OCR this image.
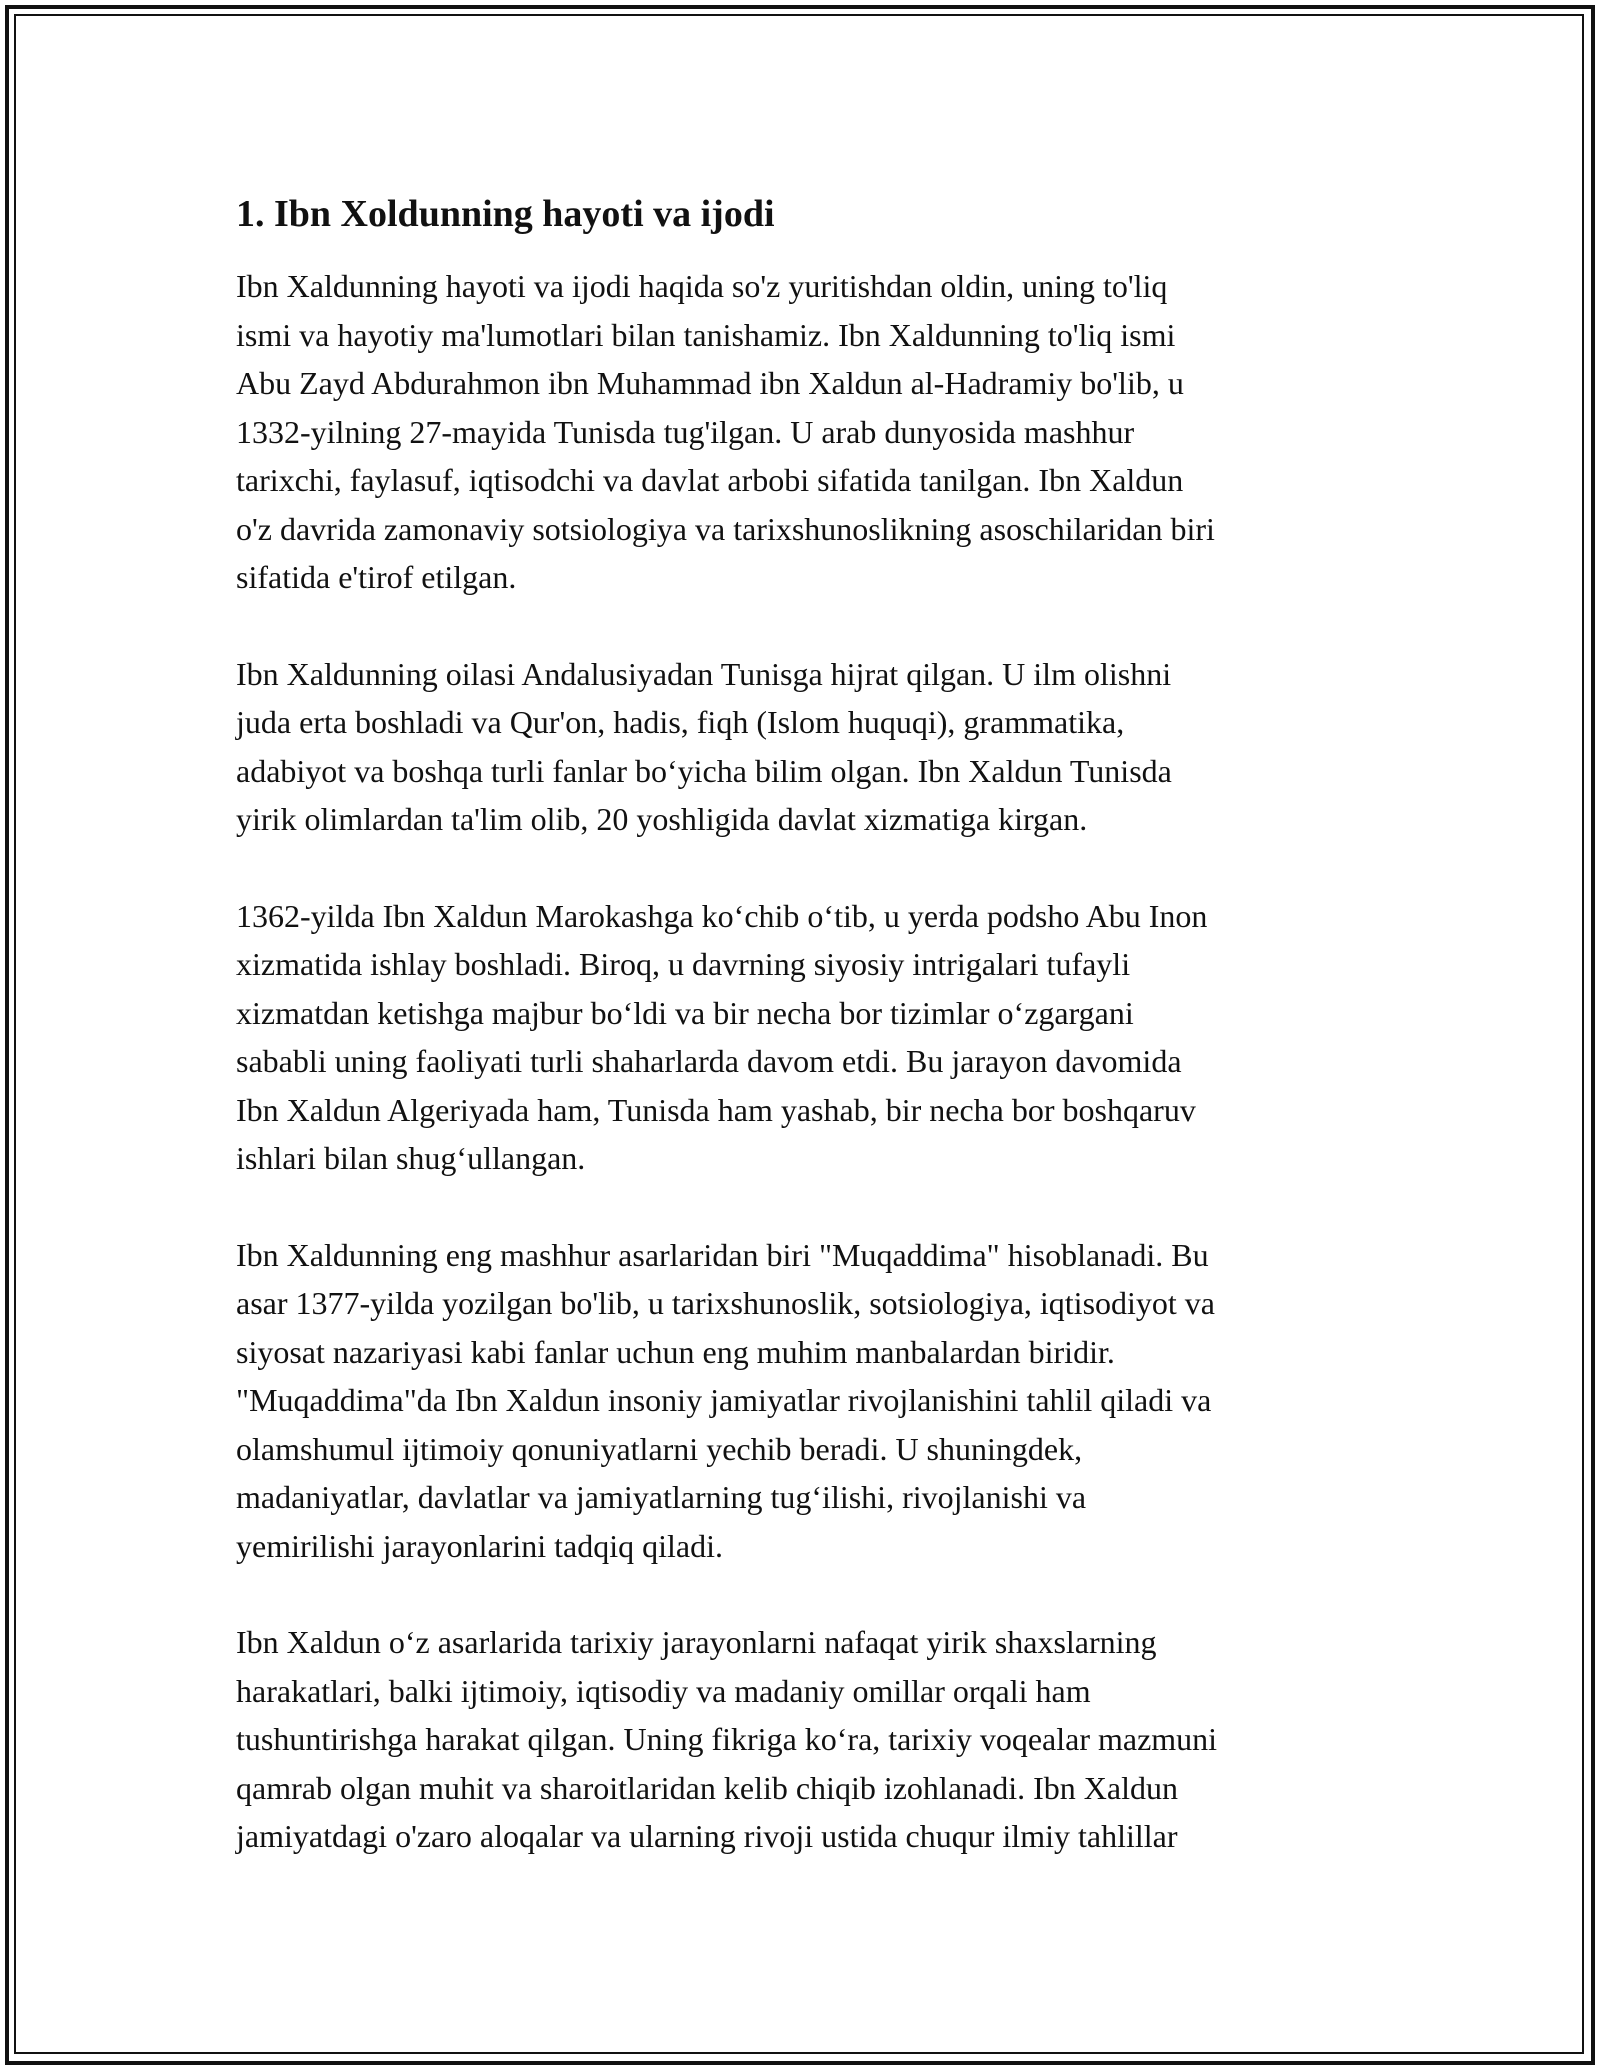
1. Ibn Xoldunning hayoti va ijodi

Ibn Xaldunning hayoti va ijodi haqida so'z yuritishdan oldin, uning to'liq
ismi va hayotiy ma'lumotlari bilan tanishamiz. Ibn Xaldunning to'liq ismi
Abu Zayd Abdurahmon ibn Muhammad ibn Xaldun al-Hadramiy bo'lib, u
1332-yilning 27-mayida Tunisda tug'ilgan. U arab dunyosida mashhur
tarixchi, faylasuf, iqtisodchi va davlat arbobi sifatida tanilgan. Ibn Xaldun
o'z davrida zamonaviy sotsiologiya va tarixshunoslikning asoschilaridan biri
sifatida e'tirof etilgan.

Ibn Xaldunning oilasi Andalusiyadan Tunisga hijrat qilgan. U ilm olishni
juda erta boshladi va Qur'on, hadis, fiqh (Islom huquqi), grammatika,
adabiyot va boshqa turli fanlar bo‘yicha bilim olgan. Ibn Xaldun Tunisda
yirik olimlardan ta'lim olib, 20 yoshligida davlat xizmatiga kirgan.

1362-yilda Ibn Xaldun Marokashga ko‘chib o‘tib, u yerda podsho Abu Inon
xizmatida ishlay boshladi. Biroq, u davrning siyosiy intrigalari tufayli
xizmatdan ketishga majbur bo‘ldi va bir necha bor tizimlar o‘zgargani
sababli uning faoliyati turli shaharlarda davom etdi. Bu jarayon davomida
Ibn Xaldun Algeriyada ham, Tunisda ham yashab, bir necha bor boshqaruv
ishlari bilan shug‘ullangan.

Ibn Xaldunning eng mashhur asarlaridan biri "Muqaddima" hisoblanadi. Bu
asar 1377-yilda yozilgan bo'lib, u tarixshunoslik, sotsiologiya, iqtisodiyot va
siyosat nazariyasi kabi fanlar uchun eng muhim manbalardan biridir.
"Muqaddima"da Ibn Xaldun insoniy jamiyatlar rivojlanishini tahlil qiladi va
olamshumul ijtimoiy qonuniyatlarni yechib beradi. U shuningdek,
madaniyatlar, davlatlar va jamiyatlarning tug‘ilishi, rivojlanishi va
yemirilishi jarayonlarini tadqiq qiladi.

Ibn Xaldun o‘z asarlarida tarixiy jarayonlarni nafaqat yirik shaxslarning
harakatlari, balki ijtimoiy, iqtisodiy va madaniy omillar orqali ham
tushuntirishga harakat qilgan. Uning fikriga ko‘ra, tarixiy voqealar mazmuni
qamrab olgan muhit va sharoitlaridan kelib chiqib izohlanadi. Ibn Xaldun
jamiyatdagi o'zaro aloqalar va ularning rivoji ustida chuqur ilmiy tahlillar
